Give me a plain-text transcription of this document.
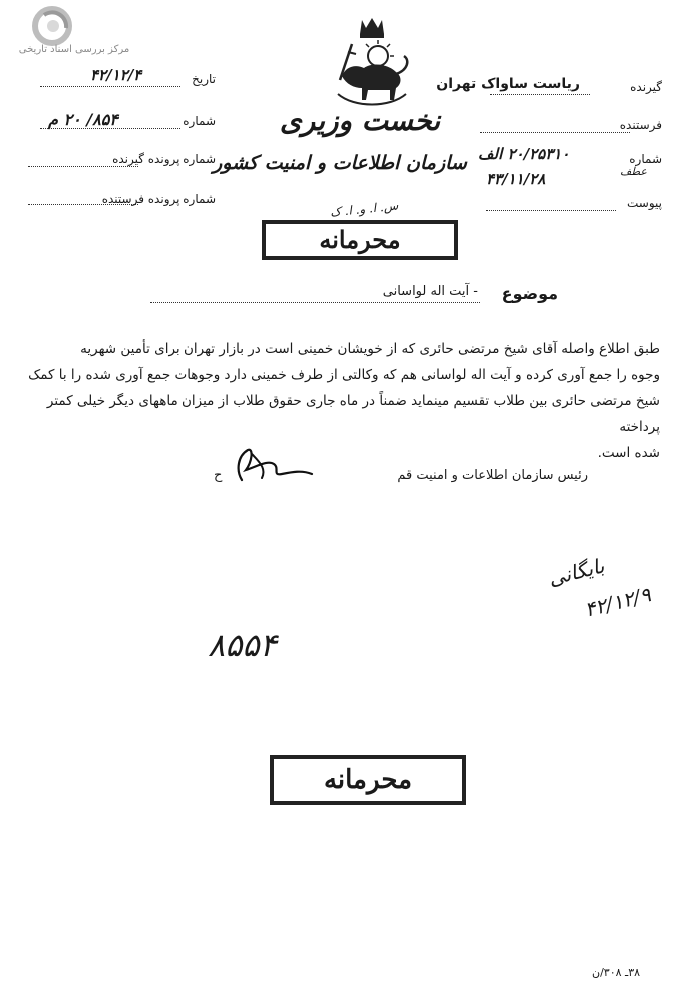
مرکز بررسی اسناد تاریخی
نخست وزیری
سازمان اطلاعات و امنیت کشور
تاریخ
۴۲/۱۲/۴
شماره
۸۵۴/ ۲۰ م
شماره پرونده گیرنده
شماره پرونده فرستنده
گیرنده
ریاست ساواک تهران
فرستنده
شماره
۲۰/۲۵۳۱۰ الف
۴۳/۱۱/۲۸	عطف
پیوست
س. ا. و. ا. ک
محرمانه
موضوع
- آیت اله لواسانی

طبق اطلاع واصله آقای شیخ مرتضی حائری که از خویشان خمینی است در بازار تهران برای تأمین شهریه

وجوه را جمع آوری کرده و آیت اله لواسانی هم که وکالتی از طرف خمینی دارد وجوهات جمع آوری شده را با کمک

شیخ مرتضی حائری بین طلاب تقسیم مینماید ضمناً در ماه جاری حقوق طلاب از میزان ماههای دیگر خیلی کمتر پرداخته

شده است.

رئیس سازمان اطلاعات و امنیت قم
ح
بایگانی
۴۲/۱۲/۹
۸۵۵۴
محرمانه
۳۸ـ ۳۰۸/ن
